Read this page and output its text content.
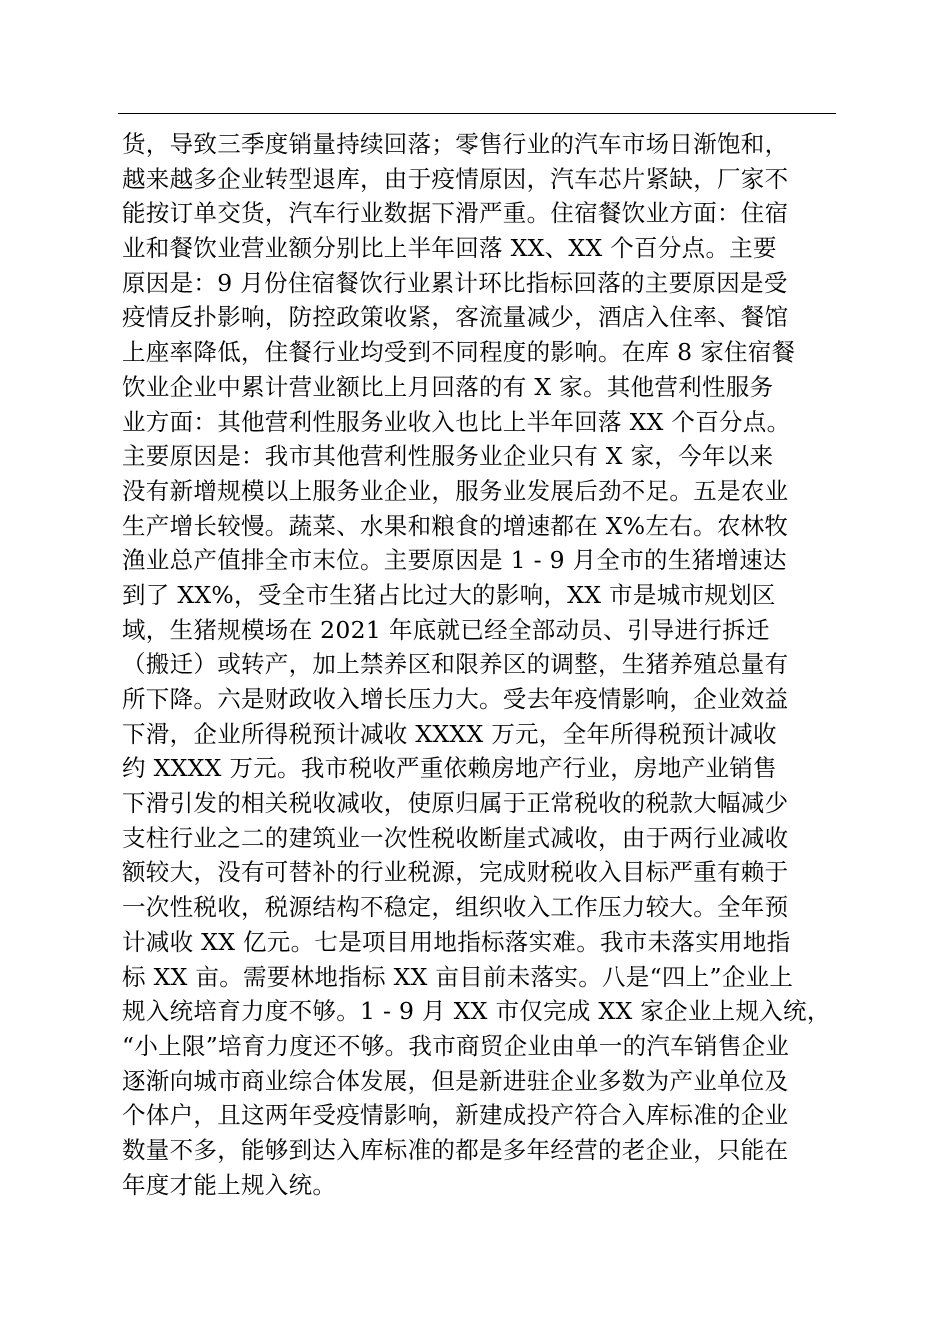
货，导致三季度销量持续回落；零售行业的汽车市场日渐饱和，
越来越多企业转型退库，由于疫情原因，汽车芯片紧缺，厂家不
能按订单交货，汽车行业数据下滑严重。住宿餐饮业方面：住宿
业和餐饮业营业额分别比上半年回落 XX、XX 个百分点。主要
原因是：9 月份住宿餐饮行业累计环比指标回落的主要原因是受
疫情反扑影响，防控政策收紧，客流量减少，酒店入住率、餐馆
上座率降低，住餐行业均受到不同程度的影响。在库 8 家住宿餐
饮业企业中累计营业额比上月回落的有 X 家。其他营利性服务
业方面：其他营利性服务业收入也比上半年回落 XX 个百分点。
主要原因是：我市其他营利性服务业企业只有 X 家，今年以来
没有新增规模以上服务业企业，服务业发展后劲不足。五是农业
生产增长较慢。蔬菜、水果和粮食的增速都在 X%左右。农林牧
渔业总产值排全市末位。主要原因是 1 - 9 月全市的生猪增速达
到了 XX%，受全市生猪占比过大的影响，XX 市是城市规划区
域，生猪规模场在 2021 年底就已经全部动员、引导进行拆迁
（搬迁）或转产，加上禁养区和限养区的调整，生猪养殖总量有
所下降。六是财政收入增长压力大。受去年疫情影响，企业效益
下滑，企业所得税预计减收 XXXX 万元，全年所得税预计减收
约 XXXX 万元。我市税收严重依赖房地产行业，房地产业销售
下滑引发的相关税收减收，使原归属于正常税收的税款大幅减少
支柱行业之二的建筑业一次性税收断崖式减收，由于两行业减收
额较大，没有可替补的行业税源，完成财税收入目标严重有赖于
一次性税收，税源结构不稳定，组织收入工作压力较大。全年预
计减收 XX 亿元。七是项目用地指标落实难。我市未落实用地指
标 XX 亩。需要林地指标 XX 亩目前未落实。八是“四上”企业上
规入统培育力度不够。1 - 9 月 XX 市仅完成 XX 家企业上规入统，
“小上限”培育力度还不够。我市商贸企业由单一的汽车销售企业
逐渐向城市商业综合体发展，但是新进驻企业多数为产业单位及
个体户，且这两年受疫情影响，新建成投产符合入库标准的企业
数量不多，能够到达入库标准的都是多年经营的老企业，只能在
年度才能上规入统。
